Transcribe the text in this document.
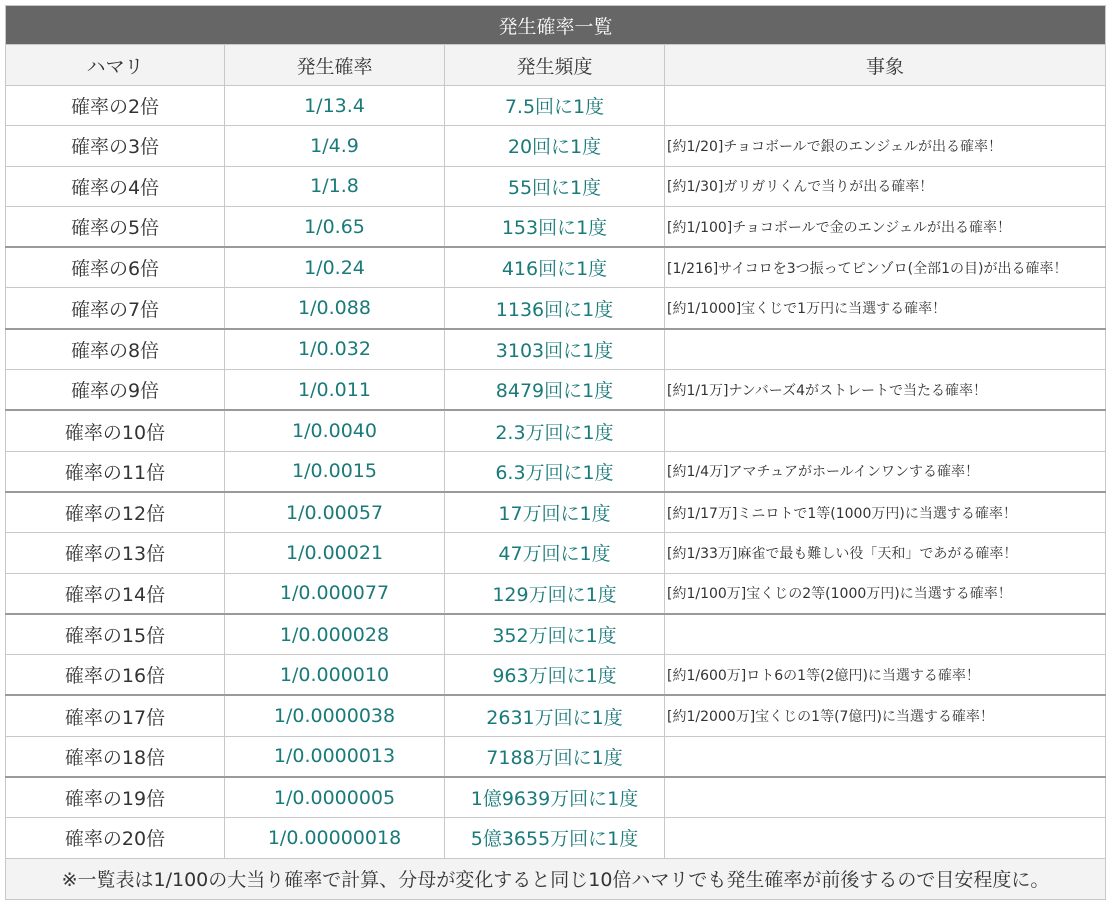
発生確率一覧			
ハマリ	発生確率	発生頻度	事象
確率の2倍	1/13.4	7.5回に1度	
確率の3倍	1/4.9	20回に1度	[約1/20]チョコボールで銀のエンジェルが出る確率！
確率の4倍	1/1.8	55回に1度	[約1/30]ガリガリくんで当りが出る確率！
確率の5倍	1/0.65	153回に1度	[約1/100]チョコボールで金のエンジェルが出る確率！
確率の6倍	1/0.24	416回に1度	[1/216]サイコロを3つ振ってピンゾロ(全部1の目)が出る確率！
確率の7倍	1/0.088	1136回に1度	[約1/1000]宝くじで1万円に当選する確率！
確率の8倍	1/0.032	3103回に1度	
確率の9倍	1/0.011	8479回に1度	[約1/1万]ナンバーズ4がストレートで当たる確率！
確率の10倍	1/0.0040	2.3万回に1度	
確率の11倍	1/0.0015	6.3万回に1度	[約1/4万]アマチュアがホールインワンする確率！
確率の12倍	1/0.00057	17万回に1度	[約1/17万]ミニロトで1等(1000万円)に当選する確率！
確率の13倍	1/0.00021	47万回に1度	[約1/33万]麻雀で最も難しい役「天和」であがる確率！
確率の14倍	1/0.000077	129万回に1度	[約1/100万]宝くじの2等(1000万円)に当選する確率！
確率の15倍	1/0.000028	352万回に1度	
確率の16倍	1/0.000010	963万回に1度	[約1/600万]ロト6の1等(2億円)に当選する確率！
確率の17倍	1/0.0000038	2631万回に1度	[約1/2000万]宝くじの1等(7億円)に当選する確率！
確率の18倍	1/0.0000013	7188万回に1度	
確率の19倍	1/0.0000005	1億9639万回に1度	
確率の20倍	1/0.00000018	5億3655万回に1度	
※一覧表は1/100の大当り確率で計算、分母が変化すると同じ10倍ハマリでも発生確率が前後するので目安程度に。			
